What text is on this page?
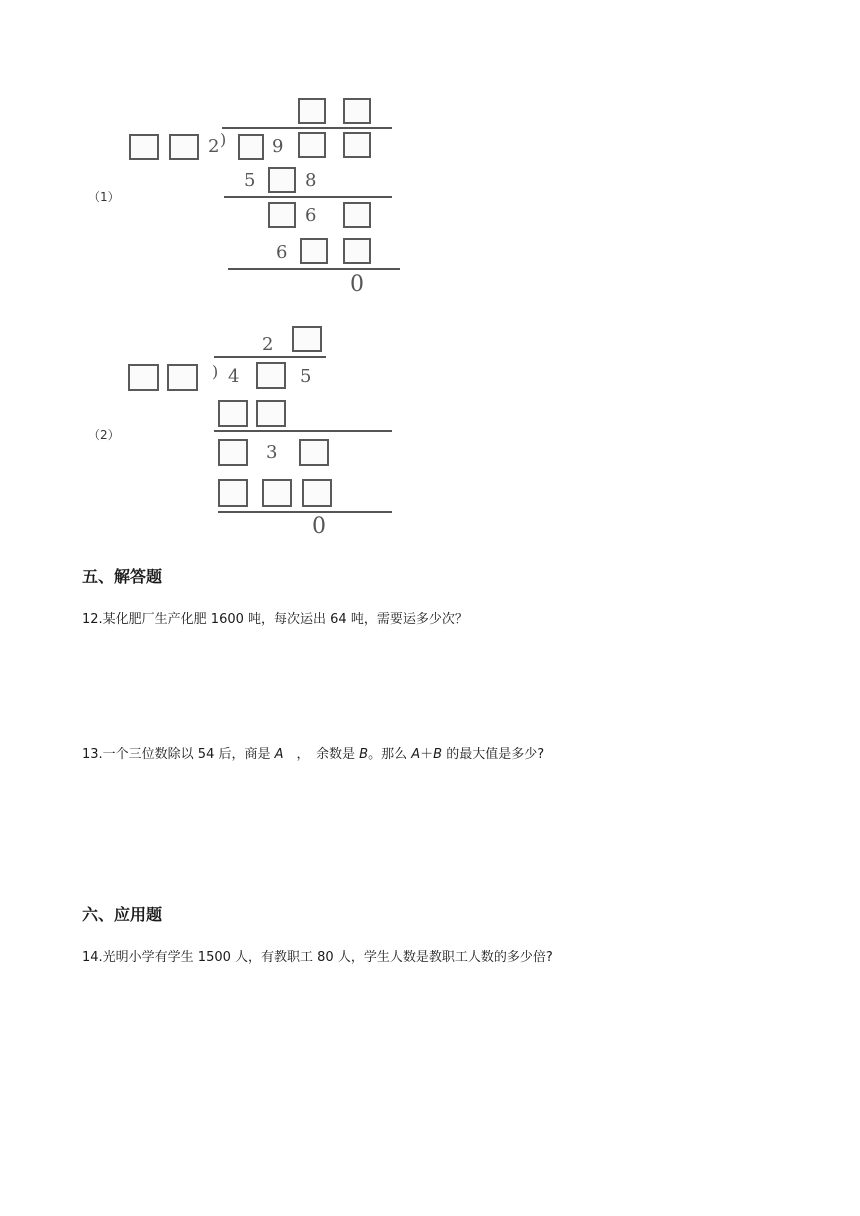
（1）
2 )	9
5	8
6
6
0
（2）
2
) 4	5
3
0
五、解答题
12.某化肥厂生产化肥 1600 吨，每次运出 64 吨，需要运多少次？
13.一个三位数除以 54 后，商是 A　，　余数是 B。那么 A＋B 的最大值是多少?
六、应用题
14.光明小学有学生 1500 人，有教职工 80 人，学生人数是教职工人数的多少倍?
